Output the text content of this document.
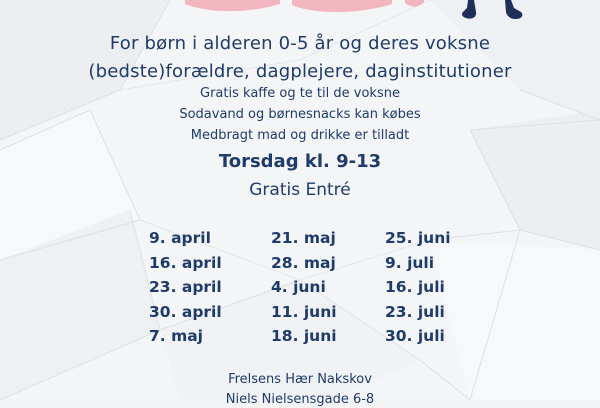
For børn i alderen 0-5 år og deres voksne
(bedste)forældre, dagplejere, daginstitutioner
Gratis kaffe og te til de voksne
Sodavand og børnesnacks kan købes
Medbragt mad og drikke er tilladt
Torsdag kl. 9-13
Gratis Entré
9. april
16. april
23. april
30. april
7. maj
21. maj
28. maj
4. juni
11. juni
18. juni
25. juni
9. juli
16. juli
23. juli
30. juli
Frelsens Hær Nakskov
Niels Nielsensgade 6-8
